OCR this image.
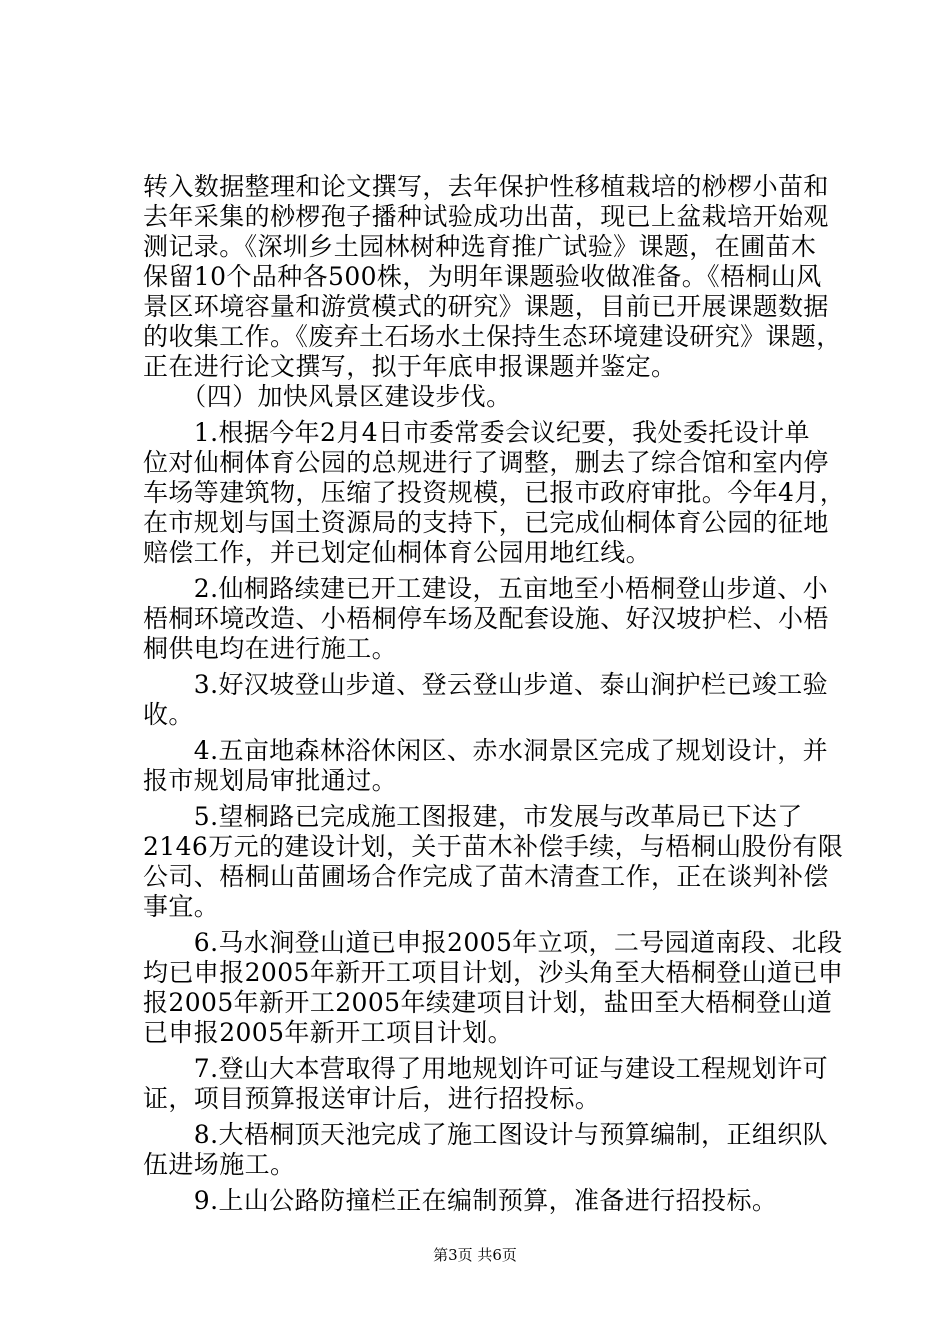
转入数据整理和论文撰写，去年保护性移植栽培的桫椤小苗和
去年采集的桫椤孢子播种试验成功出苗，现已上盆栽培开始观
测记录。《深圳乡土园林树种选育推广试验》课题，在圃苗木
保留10个品种各500株，为明年课题验收做准备。《梧桐山风
景区环境容量和游赏模式的研究》课题，目前已开展课题数据
的收集工作。《废弃土石场水土保持生态环境建设研究》课题，
正在进行论文撰写，拟于年底申报课题并鉴定。
　　（四）加快风景区建设步伐。
　　1.根据今年2月4日市委常委会议纪要，我处委托设计单
位对仙桐体育公园的总规进行了调整，删去了综合馆和室内停
车场等建筑物，压缩了投资规模，已报市政府审批。今年4月，
在市规划与国土资源局的支持下，已完成仙桐体育公园的征地
赔偿工作，并已划定仙桐体育公园用地红线。
　　2.仙桐路续建已开工建设，五亩地至小梧桐登山步道、小
梧桐环境改造、小梧桐停车场及配套设施、好汉坡护栏、小梧
桐供电均在进行施工。
　　3.好汉坡登山步道、登云登山步道、泰山涧护栏已竣工验
收。
　　4.五亩地森林浴休闲区、赤水洞景区完成了规划设计，并
报市规划局审批通过。
　　5.望桐路已完成施工图报建，市发展与改革局已下达了
2146万元的建设计划，关于苗木补偿手续，与梧桐山股份有限
公司、梧桐山苗圃场合作完成了苗木清查工作，正在谈判补偿
事宜。
　　6.马水涧登山道已申报2005年立项，二号园道南段、北段
均已申报2005年新开工项目计划，沙头角至大梧桐登山道已申
报2005年新开工2005年续建项目计划，盐田至大梧桐登山道
已申报2005年新开工项目计划。
　　7.登山大本营取得了用地规划许可证与建设工程规划许可
证，项目预算报送审计后，进行招投标。
　　8.大梧桐顶天池完成了施工图设计与预算编制，正组织队
伍进场施工。
　　9.上山公路防撞栏正在编制预算，准备进行招投标。
第3页 共6页
